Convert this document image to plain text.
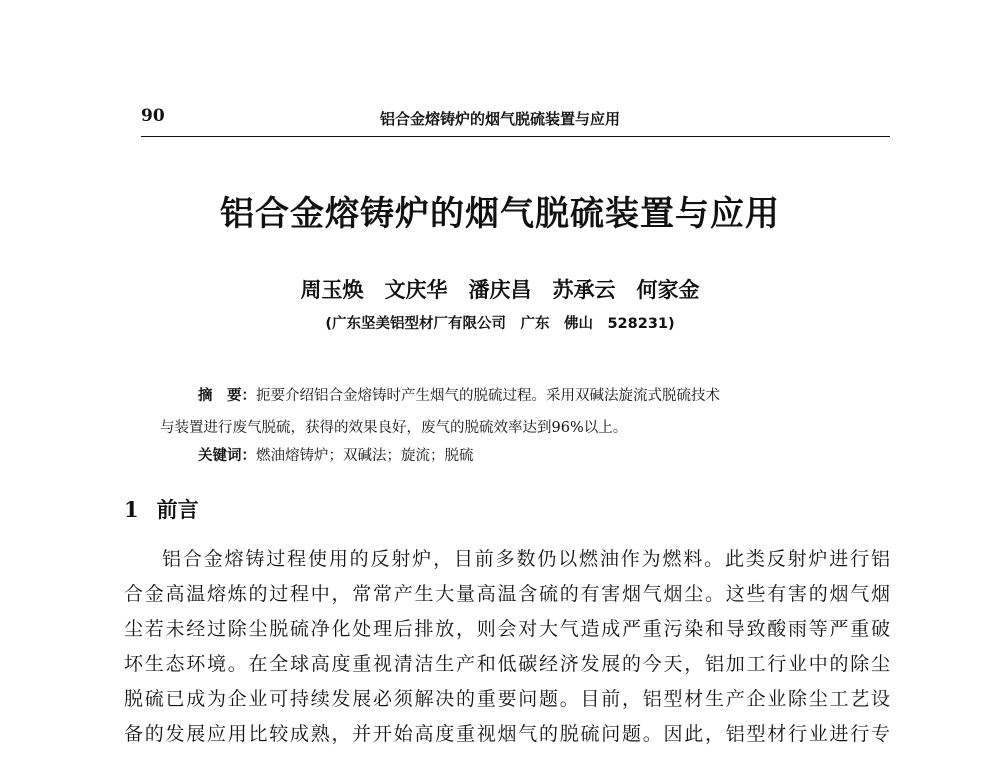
90	铝合金熔铸炉的烟气脱硫装置与应用
铝合金熔铸炉的烟气脱硫装置与应用
周玉焕　文庆华　潘庆昌　苏承云　何家金
(广东坚美铝型材厂有限公司　广东　佛山　528231)
摘　要：扼要介绍铝合金熔铸时产生烟气的脱硫过程。采用双碱法旋流式脱硫技术
与装置进行废气脱硫，获得的效果良好，废气的脱硫效率达到96%以上。
关键词：燃油熔铸炉；双碱法；旋流；脱硫
1 前言
铝合金熔铸过程使用的反射炉，目前多数仍以燃油作为燃料。此类反射炉进行铝
合金高温熔炼的过程中，常常产生大量高温含硫的有害烟气烟尘。这些有害的烟气烟
尘若未经过除尘脱硫净化处理后排放，则会对大气造成严重污染和导致酸雨等严重破
坏生态环境。在全球高度重视清洁生产和低碳经济发展的今天，铝加工行业中的除尘
脱硫已成为企业可持续发展必须解决的重要问题。目前，铝型材生产企业除尘工艺设
备的发展应用比较成熟，并开始高度重视烟气的脱硫问题。因此，铝型材行业进行专
